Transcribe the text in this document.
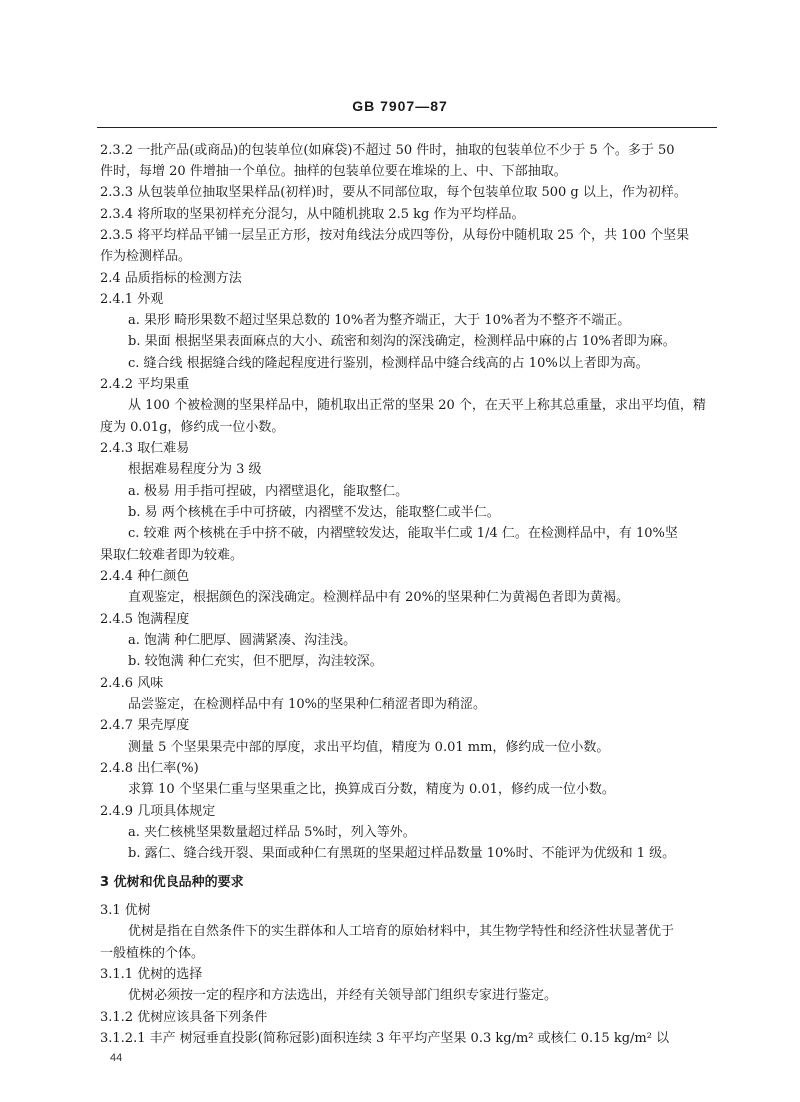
GB 7907—87
2.3.2 一批产品(或商品)的包装单位(如麻袋)不超过 50 件时，抽取的包装单位不少于 5 个。多于 50
件时，每增 20 件增抽一个单位。抽样的包装单位要在堆垛的上、中、下部抽取。
2.3.3 从包装单位抽取坚果样品(初样)时，要从不同部位取，每个包装单位取 500 g 以上，作为初样。
2.3.4 将所取的坚果初样充分混匀，从中随机挑取 2.5 kg 作为平均样品。
2.3.5 将平均样品平铺一层呈正方形，按对角线法分成四等份，从每份中随机取 25 个，共 100 个坚果
作为检测样品。
2.4 品质指标的检测方法
2.4.1 外观
a. 果形 畸形果数不超过坚果总数的 10%者为整齐端正，大于 10%者为不整齐不端正。
b. 果面 根据坚果表面麻点的大小、疏密和刻沟的深浅确定，检测样品中麻的占 10%者即为麻。
c. 缝合线 根据缝合线的隆起程度进行鉴别，检测样品中缝合线高的占 10%以上者即为高。
2.4.2 平均果重
从 100 个被检测的坚果样品中，随机取出正常的坚果 20 个，在天平上称其总重量，求出平均值，精
度为 0.01g，修约成一位小数。
2.4.3 取仁难易
根据难易程度分为 3 级
a. 极易 用手指可捏破，内褶壁退化，能取整仁。
b. 易 两个核桃在手中可挤破，内褶壁不发达，能取整仁或半仁。
c. 较难 两个核桃在手中挤不破，内褶壁较发达，能取半仁或 1/4 仁。在检测样品中，有 10%坚
果取仁较难者即为较难。
2.4.4 种仁颜色
直观鉴定，根据颜色的深浅确定。检测样品中有 20%的坚果种仁为黄褐色者即为黄褐。
2.4.5 饱满程度
a. 饱满 种仁肥厚、圆满紧凑、沟洼浅。
b. 较饱满 种仁充实，但不肥厚，沟洼较深。
2.4.6 风味
品尝鉴定，在检测样品中有 10%的坚果种仁稍涩者即为稍涩。
2.4.7 果壳厚度
测量 5 个坚果果壳中部的厚度，求出平均值，精度为 0.01 mm，修约成一位小数。
2.4.8 出仁率(%)
求算 10 个坚果仁重与坚果重之比，换算成百分数，精度为 0.01，修约成一位小数。
2.4.9 几项具体规定
a. 夹仁核桃坚果数量超过样品 5%时，列入等外。
b. 露仁、缝合线开裂、果面或种仁有黑斑的坚果超过样品数量 10%时、不能评为优级和 1 级。
3 优树和优良品种的要求
3.1 优树
优树是指在自然条件下的实生群体和人工培育的原始材料中，其生物学特性和经济性状显著优于
一般植株的个体。
3.1.1 优树的选择
优树必须按一定的程序和方法选出，并经有关领导部门组织专家进行鉴定。
3.1.2 优树应该具备下列条件
3.1.2.1 丰产 树冠垂直投影(简称冠影)面积连续 3 年平均产坚果 0.3 kg/m² 或核仁 0.15 kg/m² 以
44
